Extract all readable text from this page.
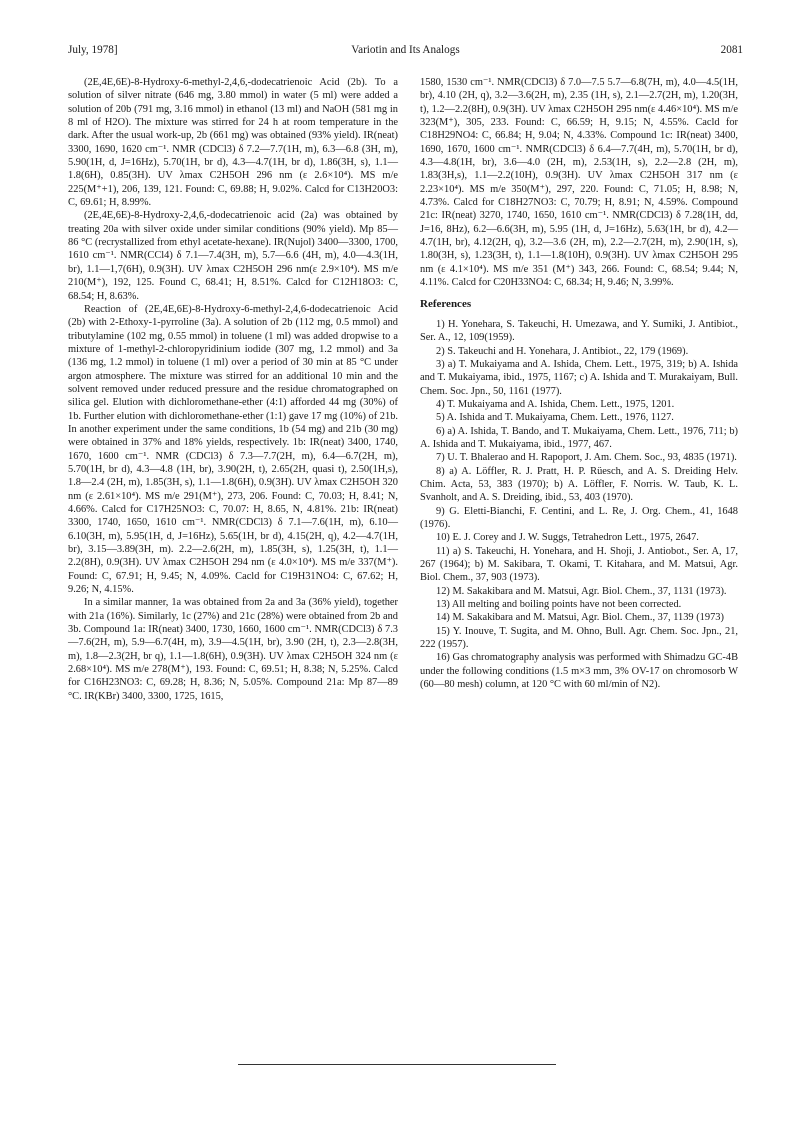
July, 1978]	Variotin and Its Analogs	2081

(2E,4E,6E)-8-Hydroxy-6-methyl-2,4,6,-dodecatrienoic Acid (2b). To a solution of silver nitrate (646 mg, 3.80 mmol) in water (5 ml) were added a solution of 20b (791 mg, 3.16 mmol) in ethanol (13 ml) and NaOH (581 mg in 8 ml of H2O). The mixture was stirred for 24 h at room temperature in the dark. After the usual work-up, 2b (661 mg) was obtained (93% yield). IR(neat) 3300, 1690, 1620 cm⁻¹. NMR (CDCl3) δ 7.2—7.7(1H, m), 6.3—6.8 (3H, m), 5.90(1H, d, J=16Hz), 5.70(1H, br d), 4.3—4.7(1H, br d), 1.86(3H, s), 1.1—1.8(6H), 0.85(3H). UV λmax C2H5OH 296 nm (ε 2.6×10⁴). MS m/e 225(M⁺+1), 206, 139, 121. Found: C, 69.88; H, 9.02%. Calcd for C13H20O3: C, 69.61; H, 8.99%.

(2E,4E,6E)-8-Hydroxy-2,4,6,-dodecatrienoic acid (2a) was obtained by treating 20a with silver oxide under similar conditions (90% yield). Mp 85—86 °C (recrystallized from ethyl acetate-hexane). IR(Nujol) 3400—3300, 1700, 1610 cm⁻¹. NMR(CCl4) δ 7.1—7.4(3H, m), 5.7—6.6 (4H, m), 4.0—4.3(1H, br), 1.1—1,7(6H), 0.9(3H). UV λmax C2H5OH 296 nm(ε 2.9×10⁴). MS m/e 210(M⁺), 192, 125. Found C, 68.41; H, 8.51%. Calcd for C12H18O3: C, 68.54; H, 8.63%.

Reaction of (2E,4E,6E)-8-Hydroxy-6-methyl-2,4,6-dodecatrienoic Acid (2b) with 2-Ethoxy-1-pyrroline (3a). A solution of 2b (112 mg, 0.5 mmol) and tributylamine (102 mg, 0.55 mmol) in toluene (1 ml) was added dropwise to a mixture of 1-methyl-2-chloropyridinium iodide (307 mg, 1.2 mmol) and 3a (136 mg, 1.2 mmol) in toluene (1 ml) over a period of 30 min at 85 °C under argon atmosphere. The mixture was stirred for an additional 10 min and the solvent removed under reduced pressure and the residue chromatographed on silica gel. Elution with dichloromethane-ether (4:1) afforded 44 mg (30%) of 1b. Further elution with dichloromethane-ether (1:1) gave 17 mg (10%) of 21b. In another experiment under the same conditions, 1b (54 mg) and 21b (30 mg) were obtained in 37% and 18% yields, respectively. 1b: IR(neat) 3400, 1740, 1670, 1600 cm⁻¹. NMR (CDCl3) δ 7.3—7.7(2H, m), 6.4—6.7(2H, m), 5.70(1H, br d), 4.3—4.8 (1H, br), 3.90(2H, t), 2.65(2H, quasi t), 2.50(1H,s), 1.8—2.4 (2H, m), 1.85(3H, s), 1.1—1.8(6H), 0.9(3H). UV λmax C2H5OH 320 nm (ε 2.61×10⁴). MS m/e 291(M⁺), 273, 206. Found: C, 70.03; H, 8.41; N, 4.66%. Calcd for C17H25NO3: C, 70.07: H, 8.65, N, 4.81%. 21b: IR(neat) 3300, 1740, 1650, 1610 cm⁻¹. NMR(CDCl3) δ 7.1—7.6(1H, m), 6.10—6.10(3H, m), 5.95(1H, d, J=16Hz), 5.65(1H, br d), 4.15(2H, q), 4.2—4.7(1H, br), 3.15—3.89(3H, m). 2.2—2.6(2H, m), 1.85(3H, s), 1.25(3H, t), 1.1—2.2(8H), 0.9(3H). UV λmax C2H5OH 294 nm (ε 4.0×10⁴). MS m/e 337(M⁺). Found: C, 67.91; H, 9.45; N, 4.09%. Cacld for C19H31NO4: C, 67.62; H, 9.26; N, 4.15%.

In a similar manner, 1a was obtained from 2a and 3a (36% yield), together with 21a (16%). Similarly, 1c (27%) and 21c (28%) were obtained from 2b and 3b. Compound 1a: IR(neat) 3400, 1730, 1660, 1600 cm⁻¹. NMR(CDCl3) δ 7.3—7.6(2H, m), 5.9—6.7(4H, m), 3.9—4.5(1H, br), 3.90 (2H, t), 2.3—2.8(3H, m), 1.8—2.3(2H, br q), 1.1—1.8(6H), 0.9(3H). UV λmax C2H5OH 324 nm (ε 2.68×10⁴). MS m/e 278(M⁺), 193. Found: C, 69.51; H, 8.38; N, 5.25%. Calcd for C16H23NO3: C, 69.28; H, 8.36; N, 5.05%. Compound 21a: Mp 87—89 °C. IR(KBr) 3400, 3300, 1725, 1615,

1580, 1530 cm⁻¹. NMR(CDCl3) δ 7.0—7.5 5.7—6.8(7H, m), 4.0—4.5(1H, br), 4.10 (2H, q), 3.2—3.6(2H, m), 2.35 (1H, s), 2.1—2.7(2H, m), 1.20(3H, t), 1.2—2.2(8H), 0.9(3H). UV λmax C2H5OH 295 nm(ε 4.46×10⁴). MS m/e 323(M⁺), 305, 233. Found: C, 66.59; H, 9.15; N, 4.55%. Cacld for C18H29NO4: C, 66.84; H, 9.04; N, 4.33%. Compound 1c: IR(neat) 3400, 1690, 1670, 1600 cm⁻¹. NMR(CDCl3) δ 6.4—7.7(4H, m), 5.70(1H, br d), 4.3—4.8(1H, br), 3.6—4.0 (2H, m), 2.53(1H, s), 2.2—2.8 (2H, m), 1.83(3H,s), 1.1—2.2(10H), 0.9(3H). UV λmax C2H5OH 317 nm (ε 2.23×10⁴). MS m/e 350(M⁺), 297, 220. Found: C, 71.05; H, 8.98; N, 4.73%. Calcd for C18H27NO3: C, 70.79; H, 8.91; N, 4.59%. Compound 21c: IR(neat) 3270, 1740, 1650, 1610 cm⁻¹. NMR(CDCl3) δ 7.28(1H, dd, J=16, 8Hz), 6.2—6.6(3H, m), 5.95 (1H, d, J=16Hz), 5.63(1H, br d), 4.2—4.7(1H, br), 4.12(2H, q), 3.2—3.6 (2H, m), 2.2—2.7(2H, m), 2.90(1H, s), 1.80(3H, s), 1.23(3H, t), 1.1—1.8(10H), 0.9(3H). UV λmax C2H5OH 295 nm (ε 4.1×10⁴). MS m/e 351 (M⁺) 343, 266. Found: C, 68.54; 9.44; N, 4.11%. Calcd for C20H33NO4: C, 68.34; H, 9.46; N, 3.99%.

References

1) H. Yonehara, S. Takeuchi, H. Umezawa, and Y. Sumiki, J. Antibiot., Ser. A., 12, 109(1959).

2) S. Takeuchi and H. Yonehara, J. Antibiot., 22, 179 (1969).

3) a) T. Mukaiyama and A. Ishida, Chem. Lett., 1975, 319; b) A. Ishida and T. Mukaiyama, ibid., 1975, 1167; c) A. Ishida and T. Murakaiyam, Bull. Chem. Soc. Jpn., 50, 1161 (1977).

4) T. Mukaiyama and A. Ishida, Chem. Lett., 1975, 1201.

5) A. Ishida and T. Mukaiyama, Chem. Lett., 1976, 1127.

6) a) A. Ishida, T. Bando, and T. Mukaiyama, Chem. Lett., 1976, 711; b) A. Ishida and T. Mukaiyama, ibid., 1977, 467.

7) U. T. Bhalerao and H. Rapoport, J. Am. Chem. Soc., 93, 4835 (1971).

8) a) A. Löffler, R. J. Pratt, H. P. Rüesch, and A. S. Dreiding Helv. Chim. Acta, 53, 383 (1970); b) A. Löffler, F. Norris. W. Taub, K. L. Svanholt, and A. S. Dreiding, ibid., 53, 403 (1970).

9) G. Eletti-Bianchi, F. Centini, and L. Re, J. Org. Chem., 41, 1648 (1976).

10) E. J. Corey and J. W. Suggs, Tetrahedron Lett., 1975, 2647.

11) a) S. Takeuchi, H. Yonehara, and H. Shoji, J. Antiobot., Ser. A, 17, 267 (1964); b) M. Sakibara, T. Okami, T. Kitahara, and M. Matsui, Agr. Biol. Chem., 37, 903 (1973).

12) M. Sakakibara and M. Matsui, Agr. Biol. Chem., 37, 1131 (1973).

13) All melting and boiling points have not been corrected.

14) M. Sakakibara and M. Matsui, Agr. Biol. Chem., 37, 1139 (1973)

15) Y. Inouve, T. Sugita, and M. Ohno, Bull. Agr. Chem. Soc. Jpn., 21, 222 (1957).

16) Gas chromatography analysis was performed with Shimadzu GC-4B under the following conditions (1.5 m×3 mm, 3% OV-17 on chromosorb W (60—80 mesh) column, at 120 °C with 60 ml/min of N2).
